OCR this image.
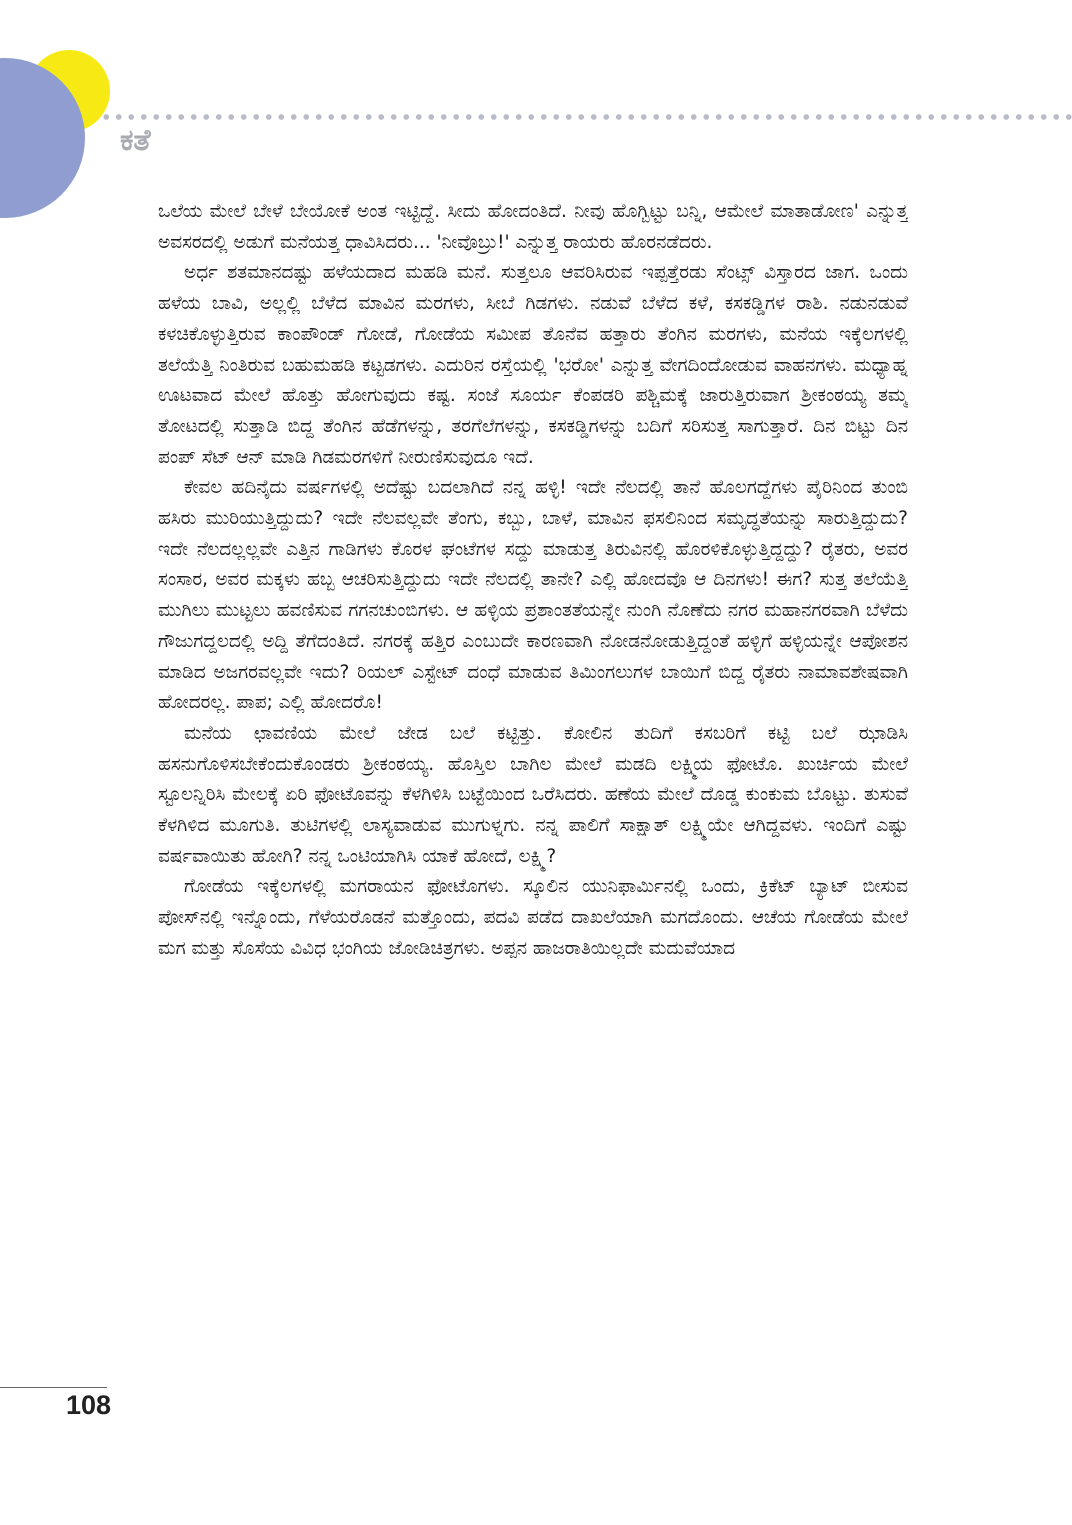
ಕತೆ

ಒಲೆಯ ಮೇಲೆ ಬೇಳೆ ಬೇಯೋಕೆ ಅಂತ ಇಟ್ಟಿದ್ದೆ. ಸೀದು ಹೋದಂತಿದೆ. ನೀವು ಹೊಗ್ಬಿಟ್ಟು ಬನ್ನಿ, ಆಮೇಲೆ ಮಾತಾಡೋಣ' ಎನ್ನುತ್ತ ಅವಸರದಲ್ಲಿ ಅಡುಗೆ ಮನೆಯತ್ತ ಧಾವಿಸಿದರು... 'ನೀವೊಬ್ರು!' ಎನ್ನುತ್ತ ರಾಯರು ಹೊರನಡೆದರು.

ಅರ್ಧ ಶತಮಾನದಷ್ಟು ಹಳೆಯದಾದ ಮಹಡಿ ಮನೆ. ಸುತ್ತಲೂ ಆವರಿಸಿರುವ ಇಪ್ಪತ್ತೆರಡು ಸೆಂಟ್ಸ್ ವಿಸ್ತಾರದ ಜಾಗ. ಒಂದು ಹಳೆಯ ಬಾವಿ, ಅಲ್ಲಲ್ಲಿ ಬೆಳೆದ ಮಾವಿನ ಮರಗಳು, ಸೀಬೆ ಗಿಡಗಳು. ನಡುವೆ ಬೆಳೆದ ಕಳೆ, ಕಸಕಡ್ಡಿಗಳ ರಾಶಿ. ನಡುನಡುವೆ ಕಳಚಿಕೊಳ್ಳುತ್ತಿರುವ ಕಾಂಪೌಂಡ್ ಗೋಡೆ, ಗೋಡೆಯ ಸಮೀಪ ತೊನೆವ ಹತ್ತಾರು ತೆಂಗಿನ ಮರಗಳು, ಮನೆಯ ಇಕ್ಕೆಲಗಳಲ್ಲಿ ತಲೆಯೆತ್ತಿ ನಿಂತಿರುವ ಬಹುಮಹಡಿ ಕಟ್ಟಡಗಳು. ಎದುರಿನ ರಸ್ತೆಯಲ್ಲಿ 'ಭರೋ' ಎನ್ನುತ್ತ ವೇಗದಿಂದೋಡುವ ವಾಹನಗಳು. ಮಧ್ಯಾಹ್ನ ಊಟವಾದ ಮೇಲೆ ಹೊತ್ತು ಹೋಗುವುದು ಕಷ್ಟ. ಸಂಜೆ ಸೂರ್ಯ ಕೆಂಪಡರಿ ಪಶ್ಚಿಮಕ್ಕೆ ಜಾರುತ್ತಿರುವಾಗ ಶ್ರೀಕಂಠಯ್ಯ ತಮ್ಮ ತೋಟದಲ್ಲಿ ಸುತ್ತಾಡಿ ಬಿದ್ದ ತೆಂಗಿನ ಹೆಡೆಗಳನ್ನು, ತರಗೆಲೆಗಳನ್ನು, ಕಸಕಡ್ಡಿಗಳನ್ನು ಬದಿಗೆ ಸರಿಸುತ್ತ ಸಾಗುತ್ತಾರೆ. ದಿನ ಬಿಟ್ಟು ದಿನ ಪಂಪ್ ಸೆಟ್ ಆನ್ ಮಾಡಿ ಗಿಡಮರಗಳಿಗೆ ನೀರುಣಿಸುವುದೂ ಇದೆ.

ಕೇವಲ ಹದಿನೈದು ವರ್ಷಗಳಲ್ಲಿ ಅದೆಷ್ಟು ಬದಲಾಗಿದೆ ನನ್ನ ಹಳ್ಳಿ! ಇದೇ ನೆಲದಲ್ಲಿ ತಾನೆ ಹೊಲಗದ್ದೆಗಳು ಪೈರಿನಿಂದ ತುಂಬಿ ಹಸಿರು ಮುರಿಯುತ್ತಿದ್ದುದು? ಇದೇ ನೆಲವಲ್ಲವೇ ತೆಂಗು, ಕಬ್ಬು, ಬಾಳೆ, ಮಾವಿನ ಫಸಲಿನಿಂದ ಸಮೃದ್ಧತೆಯನ್ನು ಸಾರುತ್ತಿದ್ದುದು? ಇದೇ ನೆಲದಲ್ಲಲ್ಲವೇ ಎತ್ತಿನ ಗಾಡಿಗಳು ಕೊರಳ ಘಂಟೆಗಳ ಸದ್ದು ಮಾಡುತ್ತ ತಿರುವಿನಲ್ಲಿ ಹೊರಳಿಕೊಳ್ಳುತ್ತಿದ್ದದ್ದು? ರೈತರು, ಅವರ ಸಂಸಾರ, ಅವರ ಮಕ್ಕಳು ಹಬ್ಬ ಆಚರಿಸುತ್ತಿದ್ದುದು ಇದೇ ನೆಲದಲ್ಲಿ ತಾನೇ? ಎಲ್ಲಿ ಹೋದವೊ ಆ ದಿನಗಳು! ಈಗ? ಸುತ್ತ ತಲೆಯೆತ್ತಿ ಮುಗಿಲು ಮುಟ್ಟಲು ಹವಣಿಸುವ ಗಗನಚುಂಬಿಗಳು. ಆ ಹಳ್ಳಿಯ ಪ್ರಶಾಂತತೆಯನ್ನೇ ನುಂಗಿ ನೊಣೆದು ನಗರ ಮಹಾನಗರವಾಗಿ ಬೆಳೆದು ಗೌಜುಗದ್ದಲದಲ್ಲಿ ಅದ್ದಿ ತೆಗೆದಂತಿದೆ. ನಗರಕ್ಕೆ ಹತ್ತಿರ ಎಂಬುದೇ ಕಾರಣವಾಗಿ ನೋಡನೋಡುತ್ತಿದ್ದಂತೆ ಹಳ್ಳಿಗೆ ಹಳ್ಳಿಯನ್ನೇ ಆಪೋಶನ ಮಾಡಿದ ಅಜಗರವಲ್ಲವೇ ಇದು? ರಿಯಲ್ ಎಸ್ಟೇಟ್ ದಂಧೆ ಮಾಡುವ ತಿಮಿಂಗಲುಗಳ ಬಾಯಿಗೆ ಬಿದ್ದ ರೈತರು ನಾಮಾವಶೇಷವಾಗಿ ಹೋದರಲ್ಲ. ಪಾಪ; ಎಲ್ಲಿ ಹೋದರೊ!

ಮನೆಯ ಛಾವಣಿಯ ಮೇಲೆ ಜೇಡ ಬಲೆ ಕಟ್ಟಿತ್ತು. ಕೋಲಿನ ತುದಿಗೆ ಕಸಬರಿಗೆ ಕಟ್ಟಿ ಬಲೆ ಝಾಡಿಸಿ ಹಸನುಗೊಳಿಸಬೇಕೆಂದುಕೊಂಡರು ಶ್ರೀಕಂಠಯ್ಯ. ಹೊಸ್ತಿಲ ಬಾಗಿಲ ಮೇಲೆ ಮಡದಿ ಲಕ್ಷ್ಮಿಯ ಫೋಟೊ. ಖುರ್ಚಿಯ ಮೇಲೆ ಸ್ಟೂಲನ್ನಿರಿಸಿ ಮೇಲಕ್ಕೆ ಏರಿ ಫೋಟೊವನ್ನು ಕೆಳಗಿಳಿಸಿ ಬಟ್ಟೆಯಿಂದ ಒರೆಸಿದರು. ಹಣೆಯ ಮೇಲೆ ದೊಡ್ಡ ಕುಂಕುಮ ಬೊಟ್ಟು. ತುಸುವೆ ಕೆಳಗಿಳಿದ ಮೂಗುತಿ. ತುಟಿಗಳಲ್ಲಿ ಲಾಸ್ಯವಾಡುವ ಮುಗುಳ್ನಗು. ನನ್ನ ಪಾಲಿಗೆ ಸಾಕ್ಷಾತ್ ಲಕ್ಷ್ಮಿಯೇ ಆಗಿದ್ದವಳು. ಇಂದಿಗೆ ಎಷ್ಟು ವರ್ಷವಾಯಿತು ಹೋಗಿ? ನನ್ನ ಒಂಟಿಯಾಗಿಸಿ ಯಾಕೆ ಹೋದೆ, ಲಕ್ಷ್ಮಿ?

ಗೋಡೆಯ ಇಕ್ಕೆಲಗಳಲ್ಲಿ ಮಗರಾಯನ ಫೋಟೊಗಳು. ಸ್ಕೂಲಿನ ಯುನಿಫಾರ್ಮಿನಲ್ಲಿ ಒಂದು, ಕ್ರಿಕೆಟ್ ಬ್ಯಾಟ್ ಬೀಸುವ ಪೋಸ್‌ನಲ್ಲಿ ಇನ್ನೊಂದು, ಗೆಳೆಯರೊಡನೆ ಮತ್ತೊಂದು, ಪದವಿ ಪಡೆದ ದಾಖಲೆಯಾಗಿ ಮಗದೊಂದು. ಆಚೆಯ ಗೋಡೆಯ ಮೇಲೆ ಮಗ ಮತ್ತು ಸೊಸೆಯ ವಿವಿಧ ಭಂಗಿಯ ಜೋಡಿಚಿತ್ರಗಳು. ಅಪ್ಪನ ಹಾಜರಾತಿಯಿಲ್ಲದೇ ಮದುವೆಯಾದ

108
